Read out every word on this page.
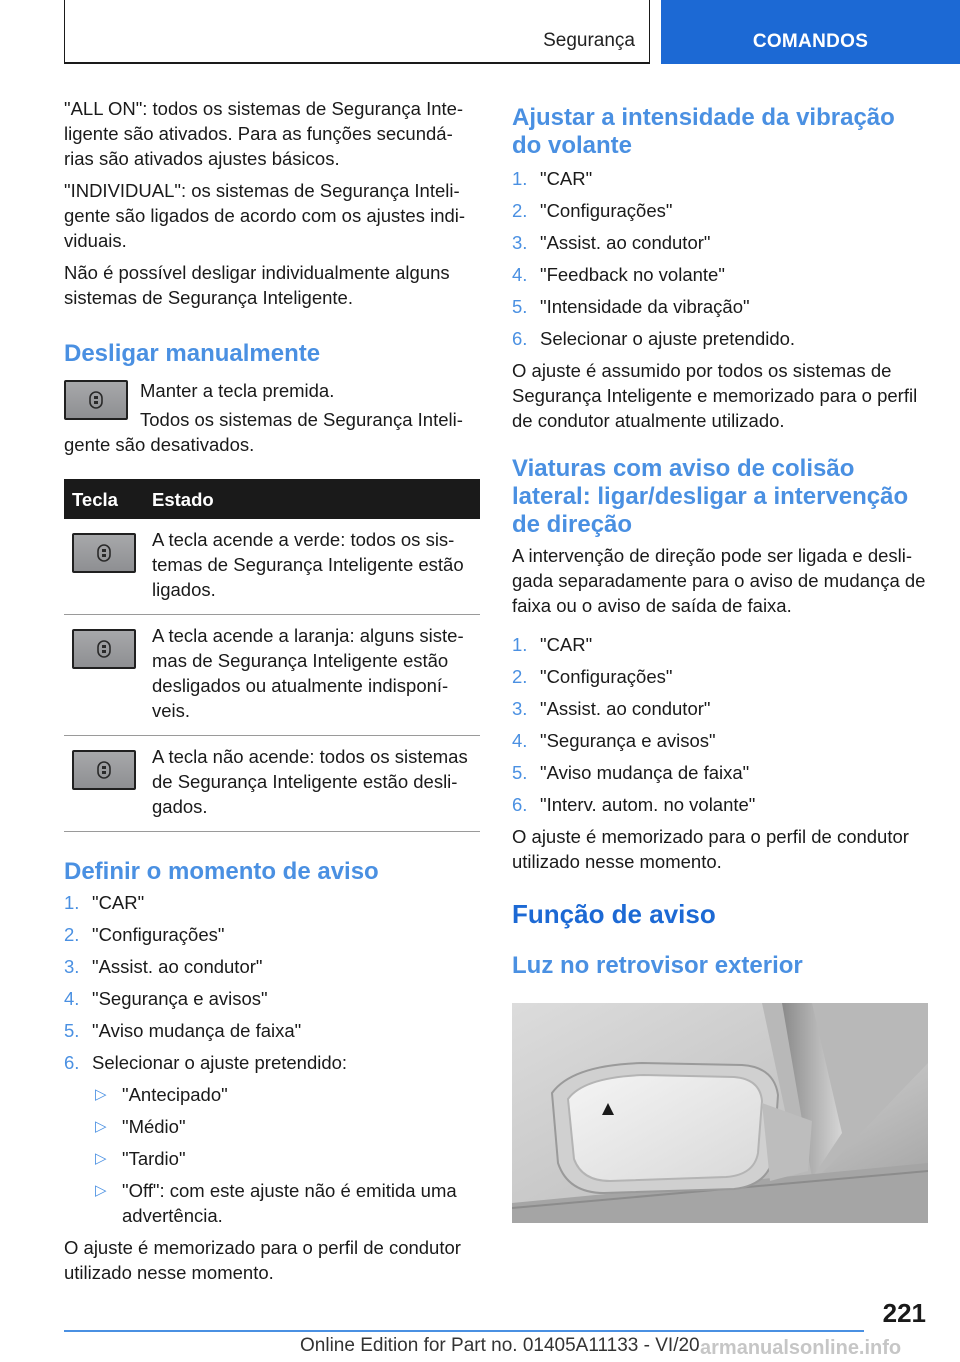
Segurança	COMANDOS

"ALL ON": todos os sistemas de Segurança Inte-ligente são ativados. Para as funções secundá-rias são ativados ajustes básicos.

"INDIVIDUAL": os sistemas de Segurança Inteli-gente são ligados de acordo com os ajustes indi-viduais.

Não é possível desligar individualmente alguns sistemas de Segurança Inteligente.

Desligar manualmente

Manter a tecla premida.

Todos os sistemas de Segurança Inteli-gente são desativados.

Tecla	Estado

	A tecla acende a verde: todos os sis-temas de Segurança Inteligente estão ligados.

	A tecla acende a laranja: alguns siste-mas de Segurança Inteligente estão desligados ou atualmente indisponí-veis.

	A tecla não acende: todos os sistemas de Segurança Inteligente estão desli-gados.
Definir o momento de aviso
1. "CAR"
2. "Configurações"
3. "Assist. ao condutor"
4. "Segurança e avisos"
5. "Aviso mudança de faixa"
6. Selecionar o ajuste pretendido:
▷ "Antecipado"
▷ "Médio"
▷ "Tardio"
▷ "Off": com este ajuste não é emitida uma advertência.

O ajuste é memorizado para o perfil de condutor utilizado nesse momento.

Ajustar a intensidade da vibração do volante
1. "CAR"
2. "Configurações"
3. "Assist. ao condutor"
4. "Feedback no volante"
5. "Intensidade da vibração"
6. Selecionar o ajuste pretendido.

O ajuste é assumido por todos os sistemas de Segurança Inteligente e memorizado para o perfil de condutor atualmente utilizado.

Viaturas com aviso de colisão lateral: ligar/desligar a intervenção de direção

A intervenção de direção pode ser ligada e desli-gada separadamente para o aviso de mudança de faixa ou o aviso de saída de faixa.

1. "CAR"
2. "Configurações"
3. "Assist. ao condutor"
4. "Segurança e avisos"
5. "Aviso mudança de faixa"
6. "Interv. autom. no volante"

O ajuste é memorizado para o perfil de condutor utilizado nesse momento.

Função de aviso
Luz no retrovisor exterior
221
Online Edition for Part no. 01405A11133 - VI/20 armanualsonline.info
